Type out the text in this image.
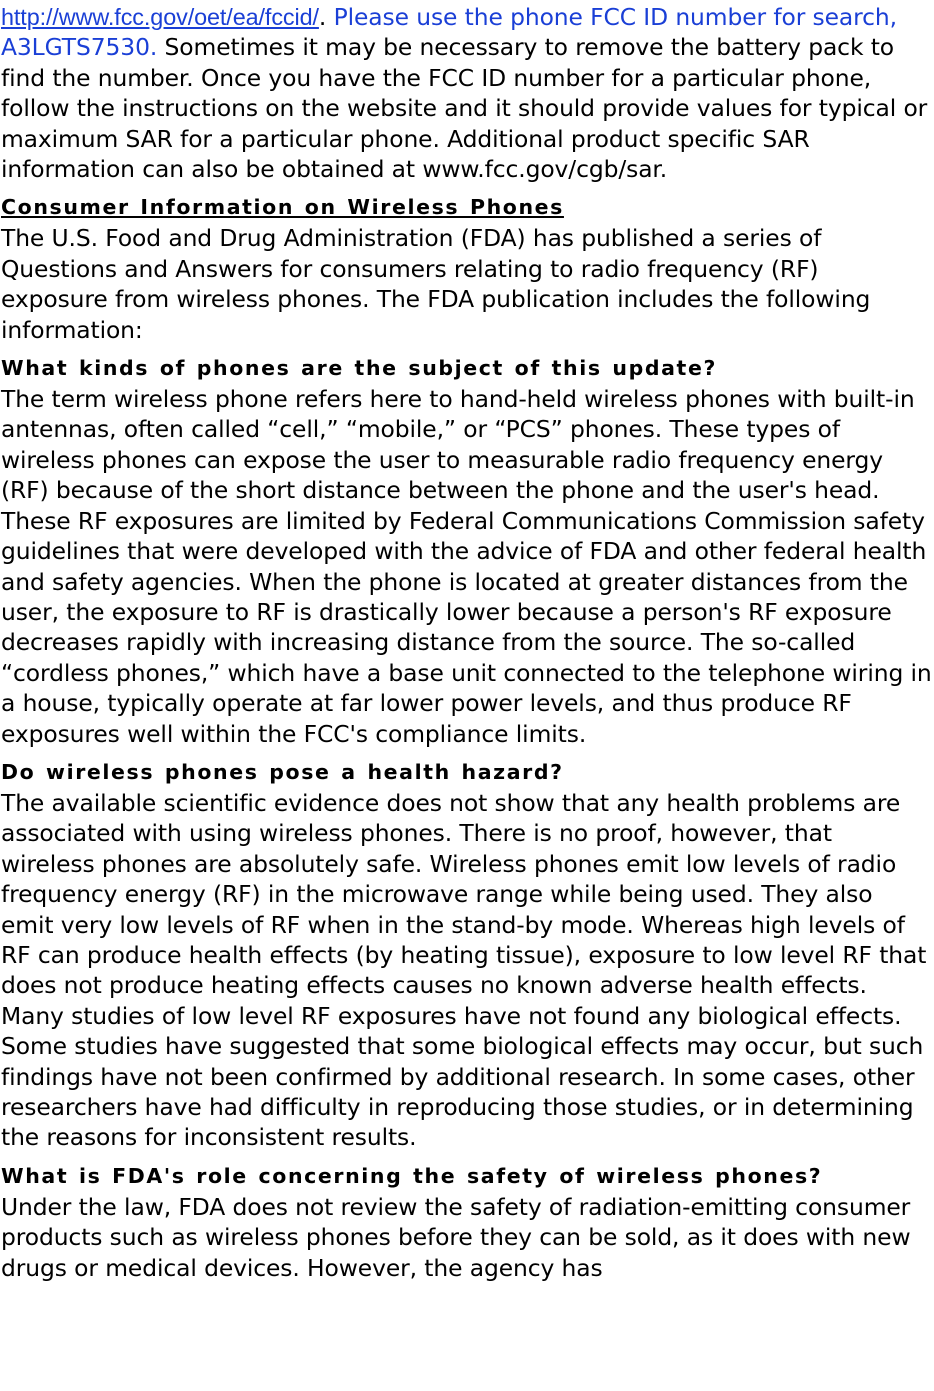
http://www.fcc.gov/oet/ea/fccid/. Please use the phone FCC ID number for search, A3LGTS7530. Sometimes it may be necessary to remove the battery pack to find the number. Once you have the FCC ID number for a particular phone, follow the instructions on the website and it should provide values for typical or maximum SAR for a particular phone. Additional product specific SAR information can also be obtained at www.fcc.gov/cgb/sar.

Consumer Information on Wireless Phones

The U.S. Food and Drug Administration (FDA) has published a series of Questions and Answers for consumers relating to radio frequency (RF) exposure from wireless phones. The FDA publication includes the following information:

What kinds of phones are the subject of this update?

The term wireless phone refers here to hand-held wireless phones with built-in antennas, often called “cell,” “mobile,” or “PCS” phones. These types of wireless phones can expose the user to measurable radio frequency energy (RF) because of the short distance between the phone and the user's head. These RF exposures are limited by Federal Communications Commission safety guidelines that were developed with the advice of FDA and other federal health and safety agencies. When the phone is located at greater distances from the user, the exposure to RF is drastically lower because a person's RF exposure decreases rapidly with increasing distance from the source. The so-called “cordless phones,” which have a base unit connected to the telephone wiring in a house, typically operate at far lower power levels, and thus produce RF exposures well within the FCC's compliance limits.

Do wireless phones pose a health hazard?

The available scientific evidence does not show that any health problems are associated with using wireless phones. There is no proof, however, that wireless phones are absolutely safe. Wireless phones emit low levels of radio frequency energy (RF) in the microwave range while being used. They also emit very low levels of RF when in the stand-by mode. Whereas high levels of RF can produce health effects (by heating tissue), exposure to low level RF that does not produce heating effects causes no known adverse health effects. Many studies of low level RF exposures have not found any biological effects. Some studies have suggested that some biological effects may occur, but such findings have not been confirmed by additional research. In some cases, other researchers have had difficulty in reproducing those studies, or in determining the reasons for inconsistent results.

What is FDA's role concerning the safety of wireless phones?

Under the law, FDA does not review the safety of radiation-emitting consumer products such as wireless phones before they can be sold, as it does with new drugs or medical devices. However, the agency has
